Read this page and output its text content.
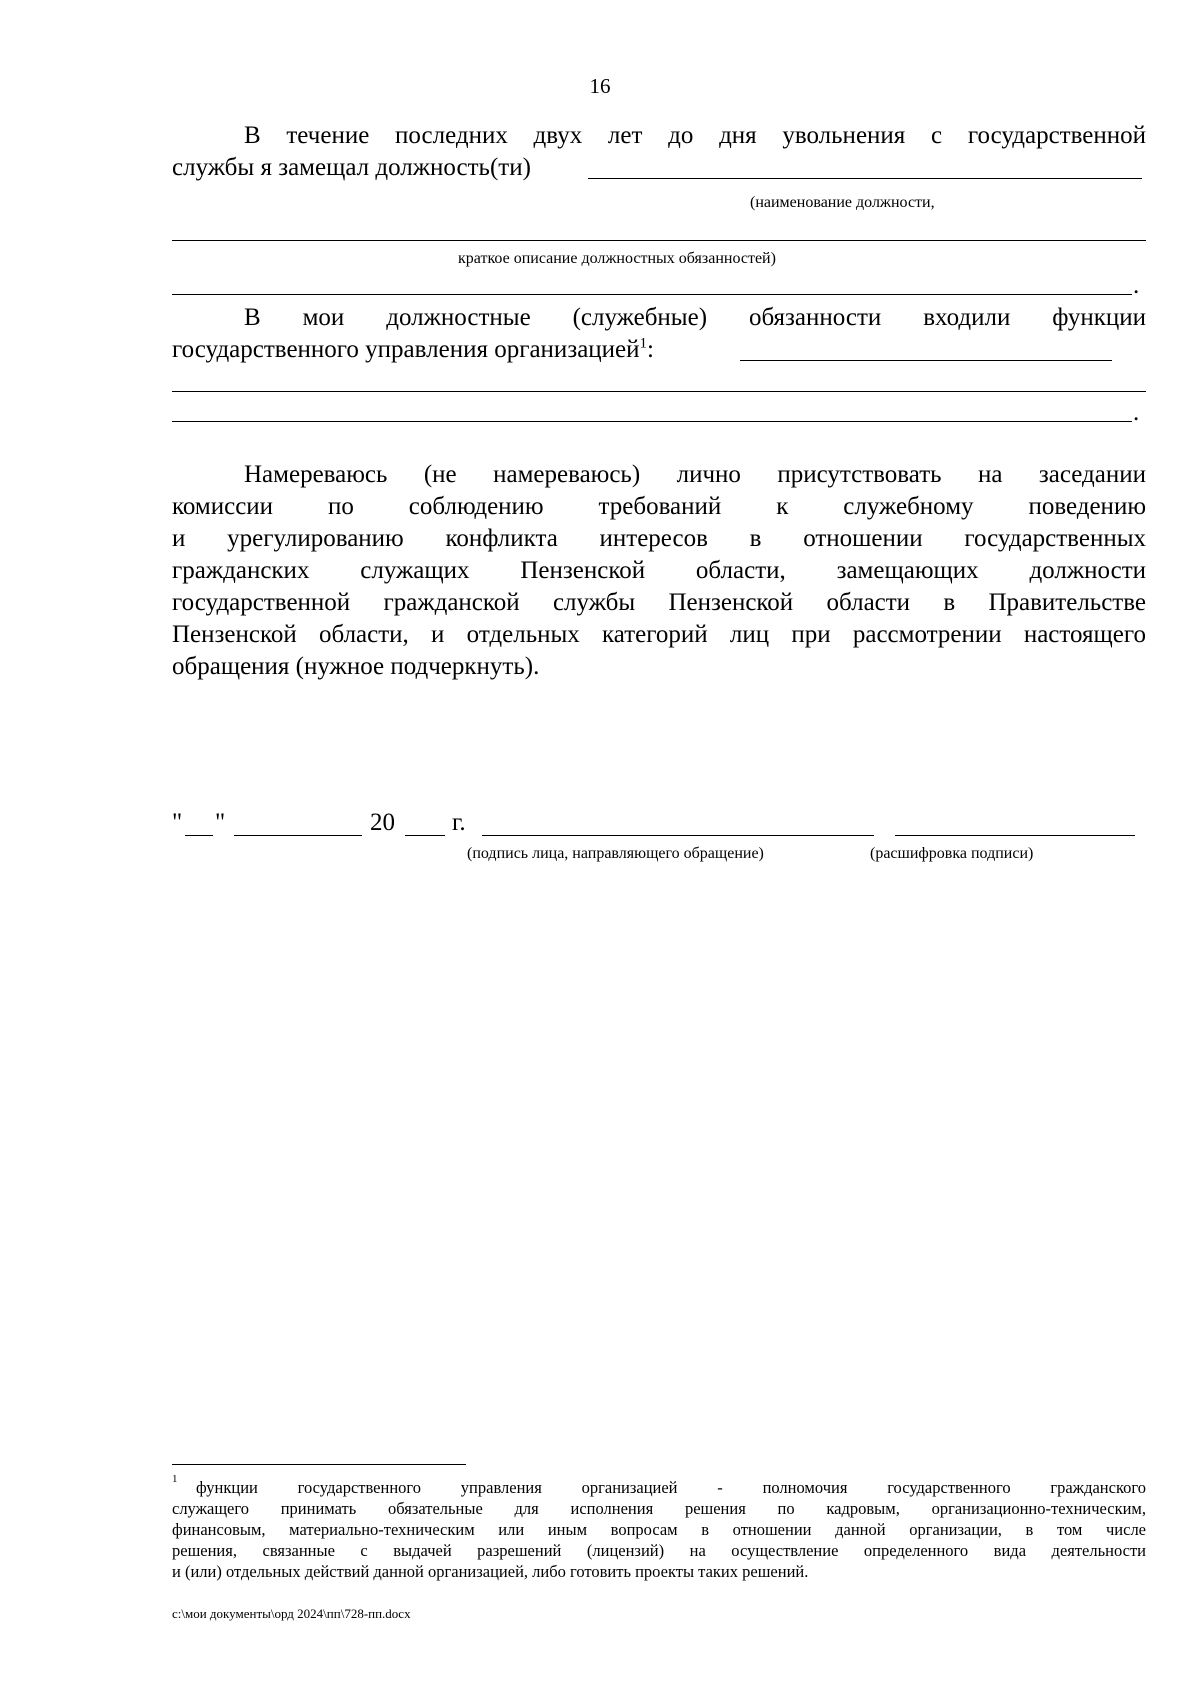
16
В течение последних двух лет до дня увольнения с государственной
службы я замещал должность(ти)
(наименование должности,
краткое описание должностных обязанностей)
.
В мои должностные (служебные) обязанности входили функции
государственного управления организацией$^1$:
.
Намереваюсь (не намереваюсь) лично присутствовать на заседании
комиссии по соблюдению требований к служебному поведению
и урегулированию конфликта интересов в отношении государственных
гражданских служащих Пензенской области, замещающих должности
государственной гражданской службы Пензенской области в Правительстве
Пензенской области, и отдельных категорий лиц при рассмотрении настоящего
обращения (нужное подчеркнуть).
" "	20 г.
(подпись лица, направляющего обращение)	(расшифровка подписи)
1 функции государственного управления организацией - полномочия государственного гражданского
служащего принимать обязательные для исполнения решения по кадровым, организационно-техническим,
финансовым, материально-техническим или иным вопросам в отношении данной организации, в том числе
решения, связанные с выдачей разрешений (лицензий) на осуществление определенного вида деятельности
и (или) отдельных действий данной организацией, либо готовить проекты таких решений.
c:\мои документы\орд 2024\пп\728-пп.docx
